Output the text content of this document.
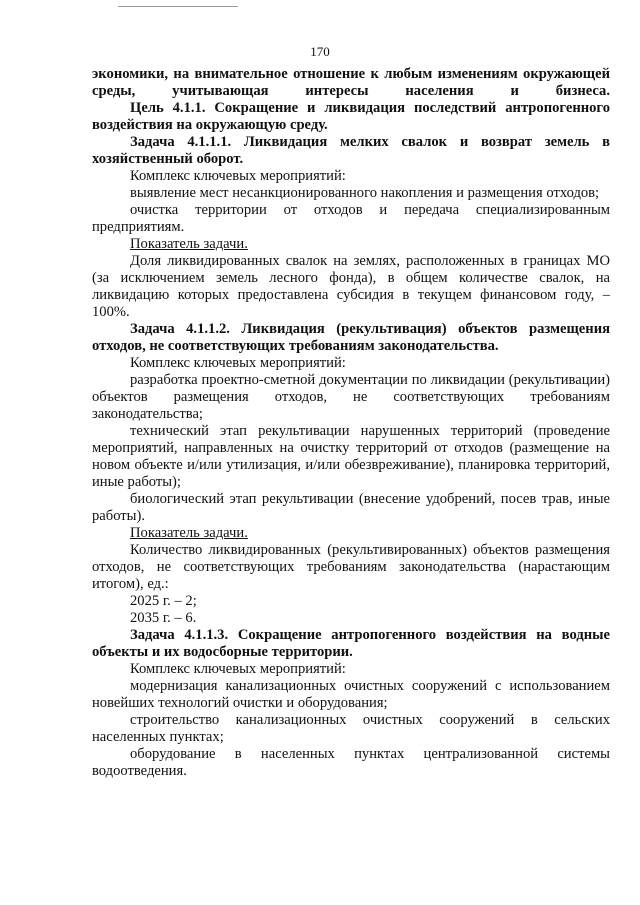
170

экономики, на внимательное отношение к любым изменениям окружающей среды, учитывающая интересы населения и бизнеса.

Цель 4.1.1. Сокращение и ликвидация последствий антропогенного воздействия на окружающую среду.

Задача 4.1.1.1. Ликвидация мелких свалок и возврат земель в хозяйственный оборот.

Комплекс ключевых мероприятий:

выявление мест несанкционированного накопления и размещения отходов;

очистка территории от отходов и передача специализированным предприятиям.

Показатель задачи.

Доля ликвидированных свалок на землях, расположенных в границах МО (за исключением земель лесного фонда), в общем количестве свалок, на ликвидацию которых предоставлена субсидия в текущем финансовом году, – 100%.

Задача 4.1.1.2. Ликвидация (рекультивация) объектов размещения отходов, не соответствующих требованиям законодательства.

Комплекс ключевых мероприятий:

разработка проектно-сметной документации по ликвидации (рекультивации) объектов размещения отходов, не соответствующих требованиям законодательства;

технический этап рекультивации нарушенных территорий (проведение мероприятий, направленных на очистку территорий от отходов (размещение на новом объекте и/или утилизация, и/или обезвреживание), планировка территорий, иные работы);

биологический этап рекультивации (внесение удобрений, посев трав, иные работы).

Показатель задачи.

Количество ликвидированных (рекультивированных) объектов размещения отходов, не соответствующих требованиям законодательства (нарастающим итогом), ед.:

2025 г. – 2;

2035 г. – 6.

Задача 4.1.1.3. Сокращение антропогенного воздействия на водные объекты и их водосборные территории.

Комплекс ключевых мероприятий:

модернизация канализационных очистных сооружений с использованием новейших технологий очистки и оборудования;

строительство канализационных очистных сооружений в сельских населенных пунктах;

оборудование в населенных пунктах централизованной системы водоотведения.
